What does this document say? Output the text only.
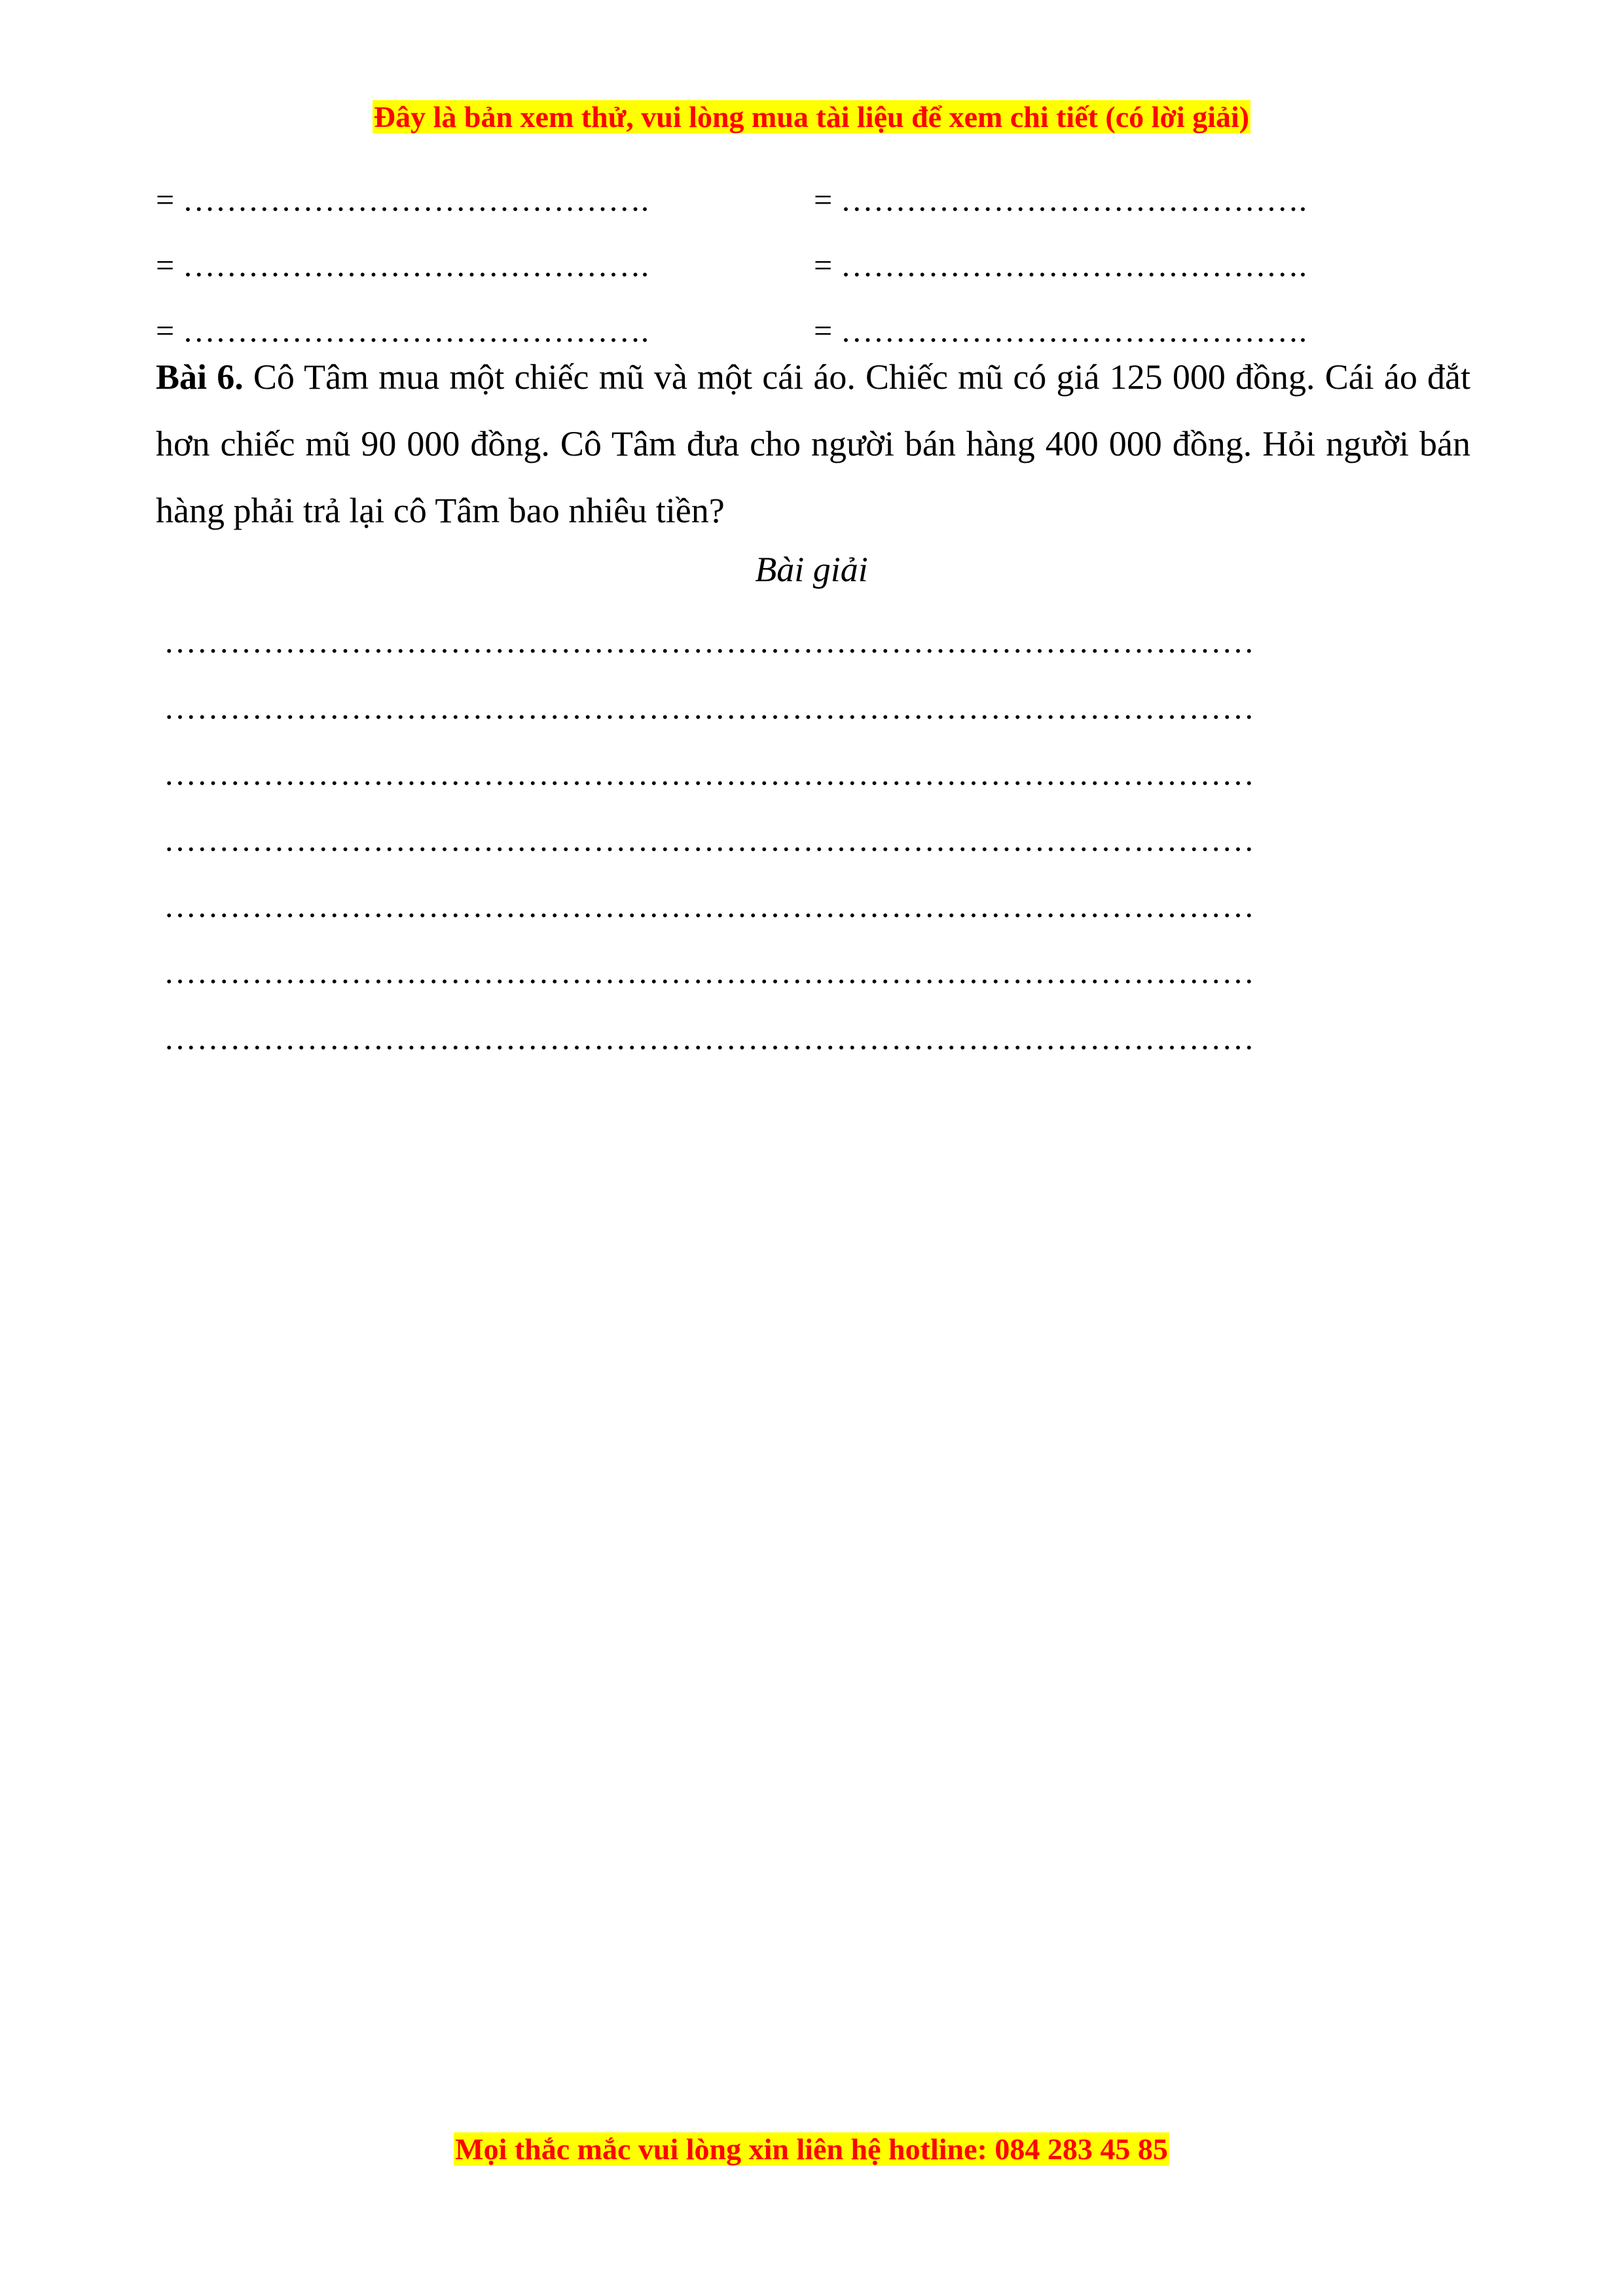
Đây là bản xem thử, vui lòng mua tài liệu để xem chi tiết (có lời giải)
= …………………………………….	= …………………………………….
= …………………………………….	= …………………………………….
= …………………………………….	= …………………………………….
Bài 6. Cô Tâm mua một chiếc mũ và một cái áo. Chiếc mũ có giá 125 000 đồng. Cái áo đắt hơn chiếc mũ 90 000 đồng. Cô Tâm đưa cho người bán hàng 400 000 đồng. Hỏi người bán hàng phải trả lại cô Tâm bao nhiêu tiền?
Bài giải
………………………………………………………………………………………
………………………………………………………………………………………
………………………………………………………………………………………
………………………………………………………………………………………
………………………………………………………………………………………
………………………………………………………………………………………
………………………………………………………………………………………
Mọi thắc mắc vui lòng xin liên hệ hotline: 084 283 45 85
